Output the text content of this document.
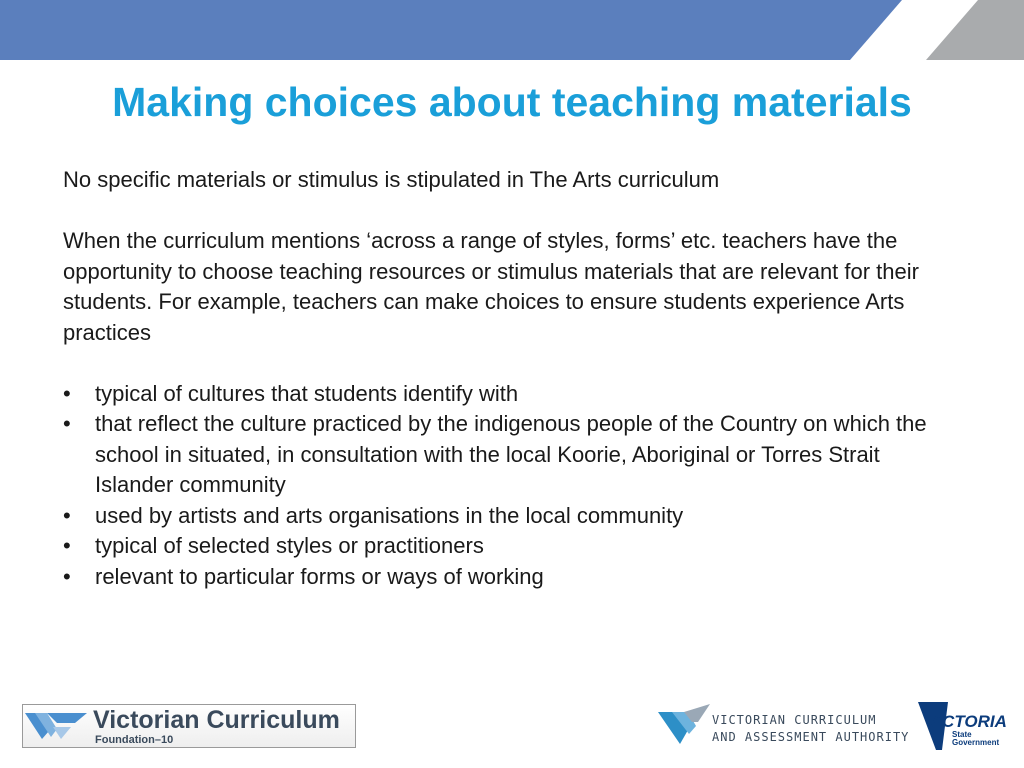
Making choices about teaching materials

No specific materials or stimulus is stipulated in The Arts curriculum

When the curriculum mentions ‘across a range of styles, forms’ etc. teachers have the opportunity to choose teaching resources or stimulus materials that are relevant for their students. For example, teachers can make choices to ensure students experience Arts practices

• typical of cultures that students identify with
• that reflect the culture practiced by the indigenous people of the Country on which the school in situated, in consultation with the local Koorie, Aboriginal or Torres Strait Islander community
• used by artists and arts organisations in the local community
• typical of selected styles or practitioners
• relevant to particular forms or ways of working
Victorian Curriculum
Foundation–10
VICTORIAN CURRICULUM
AND ASSESSMENT AUTHORITY
VICTORIA
State
Government
